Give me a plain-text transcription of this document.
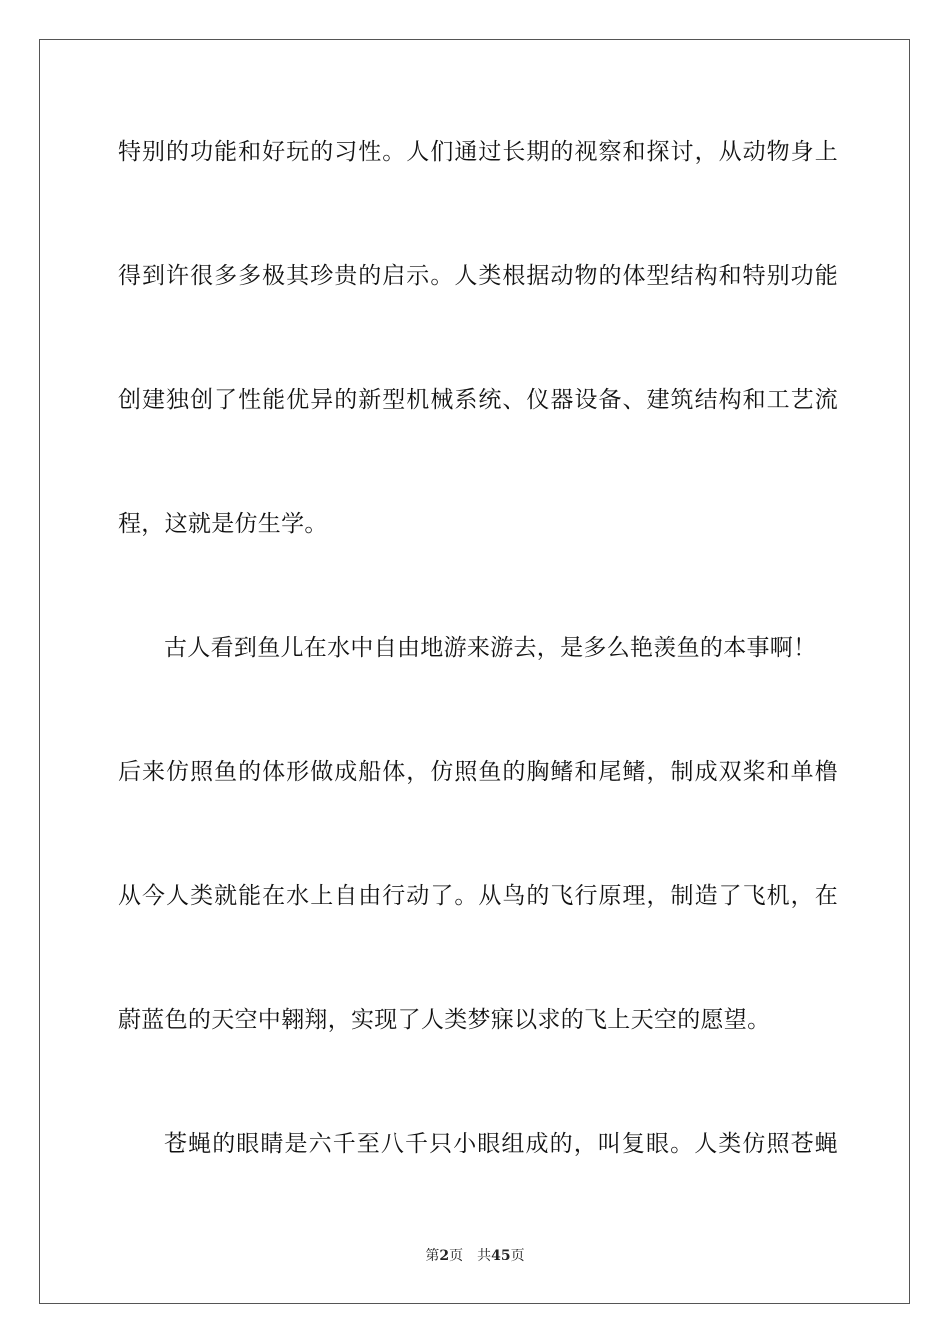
特别的功能和好玩的习性。人们通过长期的视察和探讨，从动物身上
得到许很多多极其珍贵的启示。人类根据动物的体型结构和特别功能
创建独创了性能优异的新型机械系统、仪器设备、建筑结构和工艺流
程，这就是仿生学。
古人看到鱼儿在水中自由地游来游去，是多么艳羡鱼的本事啊！
后来仿照鱼的体形做成船体，仿照鱼的胸鳍和尾鳍，制成双桨和单橹
从今人类就能在水上自由行动了。从鸟的飞行原理，制造了飞机，在
蔚蓝色的天空中翱翔，实现了人类梦寐以求的飞上天空的愿望。
苍蝇的眼睛是六千至八千只小眼组成的，叫复眼。人类仿照苍蝇
第2页 共45页
